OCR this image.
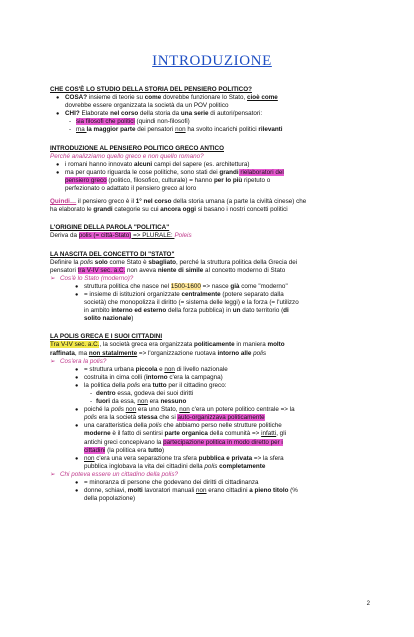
INTRODUZIONE
CHE COS'È LO STUDIO DELLA STORIA DEL PENSIERO POLITICO?
● COSA? insieme di teorie su come dovrebbe funzionare lo Stato, cioè come
dovrebbe essere organizzata la società da un POV politico
● CHI? Elaborate nel corso della storia da una serie di autori/pensatori:
- sia filosofi che politici (quindi non-filosofi)
- ma la maggior parte dei pensatori non ha svolto incarichi politici rilevanti
INTRODUZIONE AL PENSIERO POLITICO GRECO ANTICO
Perché analizziamo quello greco e non quello romano?
● i romani hanno innovato alcuni campi del sapere (es. architettura)
● ma per quanto riguarda le cose politiche, sono stati dei grandi rielaboratori del
pensiero greco (politico, filosofico, culturale) = hanno per lo più ripetuto o
perfezionato o adattato il pensiero greco al loro
Quindi… il pensiero greco è il 1° nel corso della storia umana (a parte la civiltà cinese) che
ha elaborato le grandi categorie su cui ancora oggi si basano i nostri concetti politici
L'ORIGINE DELLA PAROLA "POLITICA"
Deriva da polis (= città-Stato) => PLURALE: Poleis
LA NASCITA DEL CONCETTO DI "STATO"
Definire la polis solo come Stato è sbagliato, perché la struttura politica della Grecia dei
pensatori tra V-IV sec. a.C. non aveva niente di simile al concetto moderno di Stato
➢ Cos'è lo Stato (moderno)?
● struttura politica che nasce nel 1500-1600 => nasce già come "moderno"
● = insieme di istituzioni organizzate centralmente (potere separato dalla
società) che monopolizza il diritto (= sistema delle leggi) e la forza (= l'utilizzo
in ambito interno ed esterno della forza pubblica) in un dato territorio (di
solito nazionale)
LA POLIS GRECA E I SUOI CITTADINI
Tra V-IV sec. a.C., la società greca era organizzata politicamente in maniera molto
raffinata, ma non statalmente => l'organizzazione ruotava intorno alle polis
➢ Cos'era la polis?
● = struttura urbana piccola e non di livello nazionale
● costruita in cima colli (intorno c'era la campagna)
● la politica della polis era tutto per il cittadino greco:
- dentro essa, godeva dei suoi diritti
- fuori da essa, non era nessuno
● poiché la polis non era uno Stato, non c'era un potere politico centrale => la
polis era la società stessa che si auto-organizzava politicamente
● una caratteristica della polis che abbiamo perso nelle strutture politiche
moderne è il fatto di sentirsi parte organica della comunità => infatti, gli
antichi greci concepivano la partecipazione politica in modo diretto per i
cittadini (la politica era tutto)
● non c'era una vera separazione tra sfera pubblica e privata => la sfera
pubblica inglobava la vita dei cittadini della polis completamente
➢ Chi poteva essere un cittadino della polis?
● = minoranza di persone che godevano dei diritti di cittadinanza
● donne, schiavi, molti lavoratori manuali non erano cittadini a pieno titolo (%
della popolazione)
2
